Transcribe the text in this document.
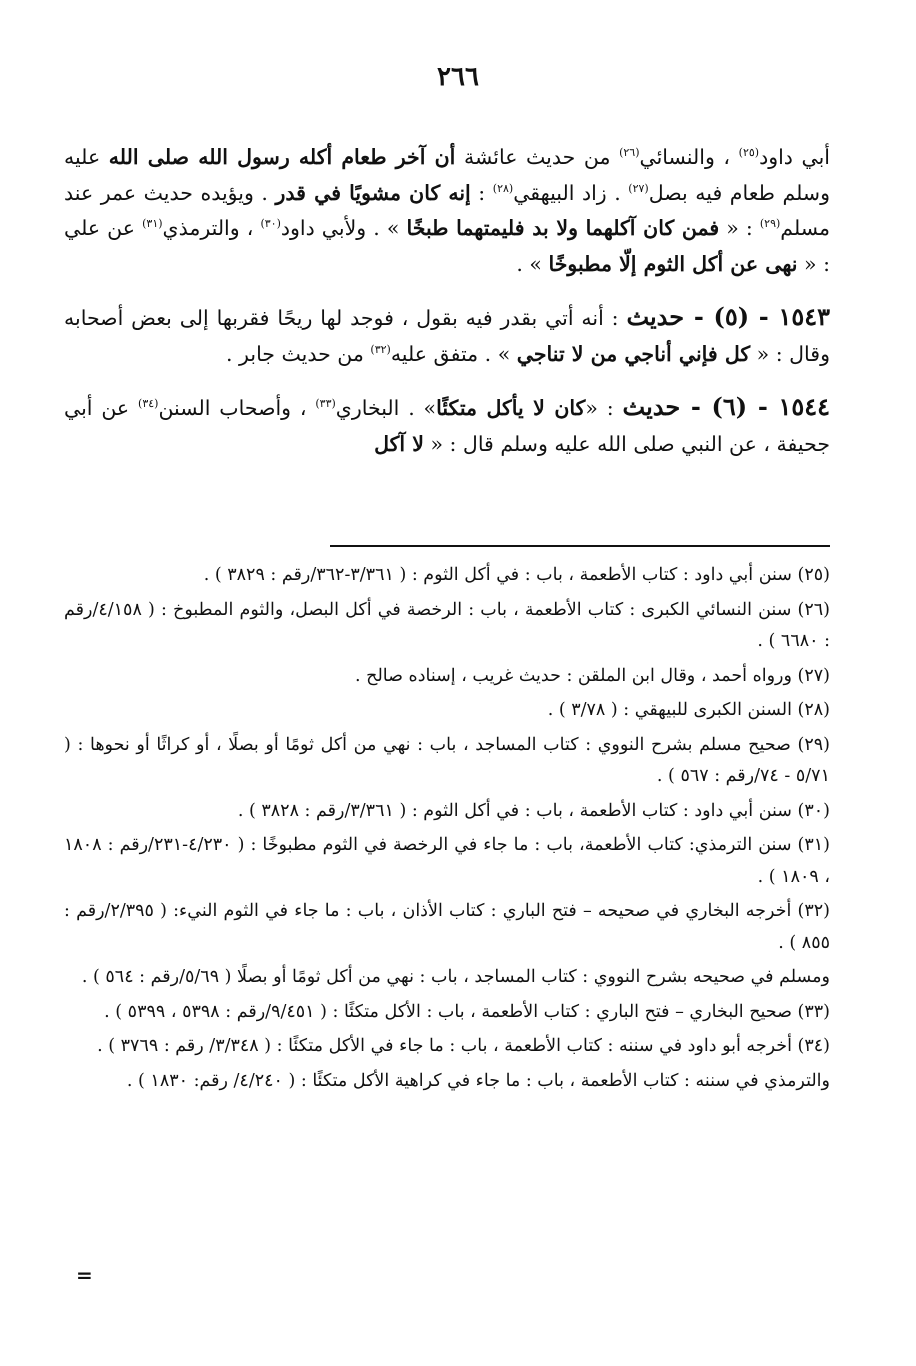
٢٦٦

أبي داود$^{(٢٥)}$ ، والنسائي$^{(٢٦)}$ من حديث عائشة أن آخر طعام أكله رسول الله صلى الله عليه وسلم طعام فيه بصل$^{(٢٧)}$ . زاد البيهقي$^{(٢٨)}$ : إنه كان مشويًا في قدر . ويؤيده حديث عمر عند مسلم$^{(٢٩)}$ : « فمن كان آكلهما ولا بد فليمتهما طبخًا » . ولأبي داود$^{(٣٠)}$ ، والترمذي$^{(٣١)}$ عن علي : « نهى عن أكل الثوم إلّا مطبوخًا » .

١٥٤٣ - (٥) - حديث : أنه أتي بقدر فيه بقول ، فوجد لها ريحًا فقربها إلى بعض أصحابه وقال : « كل فإني أناجي من لا تناجي » . متفق عليه$^{(٣٢)}$ من حديث جابر .

١٥٤٤ - (٦) - حديث : «كان لا يأكل متكئًا» . البخاري$^{(٣٣)}$ ، وأصحاب السنن$^{(٣٤)}$ عن أبي جحيفة ، عن النبي صلى الله عليه وسلم قال : « لا آكل

(٢٥) سنن أبي داود : كتاب الأطعمة ، باب : في أكل الثوم : ( ٣/٣٦١-٣٦٢/رقم : ٣٨٢٩ ) .

(٢٦) سنن النسائي الكبرى : كتاب الأطعمة ، باب : الرخصة في أكل البصل، والثوم المطبوخ : ( ٤/١٥٨/رقم : ٦٦٨٠ ) .

(٢٧) ورواه أحمد ، وقال ابن الملقن : حديث غريب ، إسناده صالح .

(٢٨) السنن الكبرى للبيهقي : ( ٣/٧٨ ) .

(٢٩) صحيح مسلم بشرح النووي : كتاب المساجد ، باب : نهي من أكل ثومًا أو بصلًا ، أو كراثًا أو نحوها : ( ٥/٧١ - ٧٤/رقم : ٥٦٧ ) .

(٣٠) سنن أبي داود : كتاب الأطعمة ، باب : في أكل الثوم : ( ٣/٣٦١/رقم : ٣٨٢٨ ) .

(٣١) سنن الترمذي: كتاب الأطعمة، باب : ما جاء في الرخصة في الثوم مطبوخًا : ( ٤/٢٣٠-٢٣١/رقم : ١٨٠٨ ، ١٨٠٩ ) .

(٣٢) أخرجه البخاري في صحيحه – فتح الباري : كتاب الأذان ، باب : ما جاء في الثوم النيء: ( ٢/٣٩٥/رقم : ٨٥٥ ) .

ومسلم في صحيحه بشرح النووي : كتاب المساجد ، باب : نهي من أكل ثومًا أو بصلًا ( ٥/٦٩/رقم : ٥٦٤ ) .

(٣٣) صحيح البخاري – فتح الباري : كتاب الأطعمة ، باب : الأكل متكئًا : ( ٩/٤٥١/رقم : ٥٣٩٨ ، ٥٣٩٩ ) .

(٣٤) أخرجه أبو داود في سننه : كتاب الأطعمة ، باب : ما جاء في الأكل متكئًا : ( ٣/٣٤٨/ رقم : ٣٧٦٩ ) .

والترمذي في سننه : كتاب الأطعمة ، باب : ما جاء في كراهية الأكل متكئًا : ( ٤/٢٤٠/ رقم: ١٨٣٠ ) .

=
